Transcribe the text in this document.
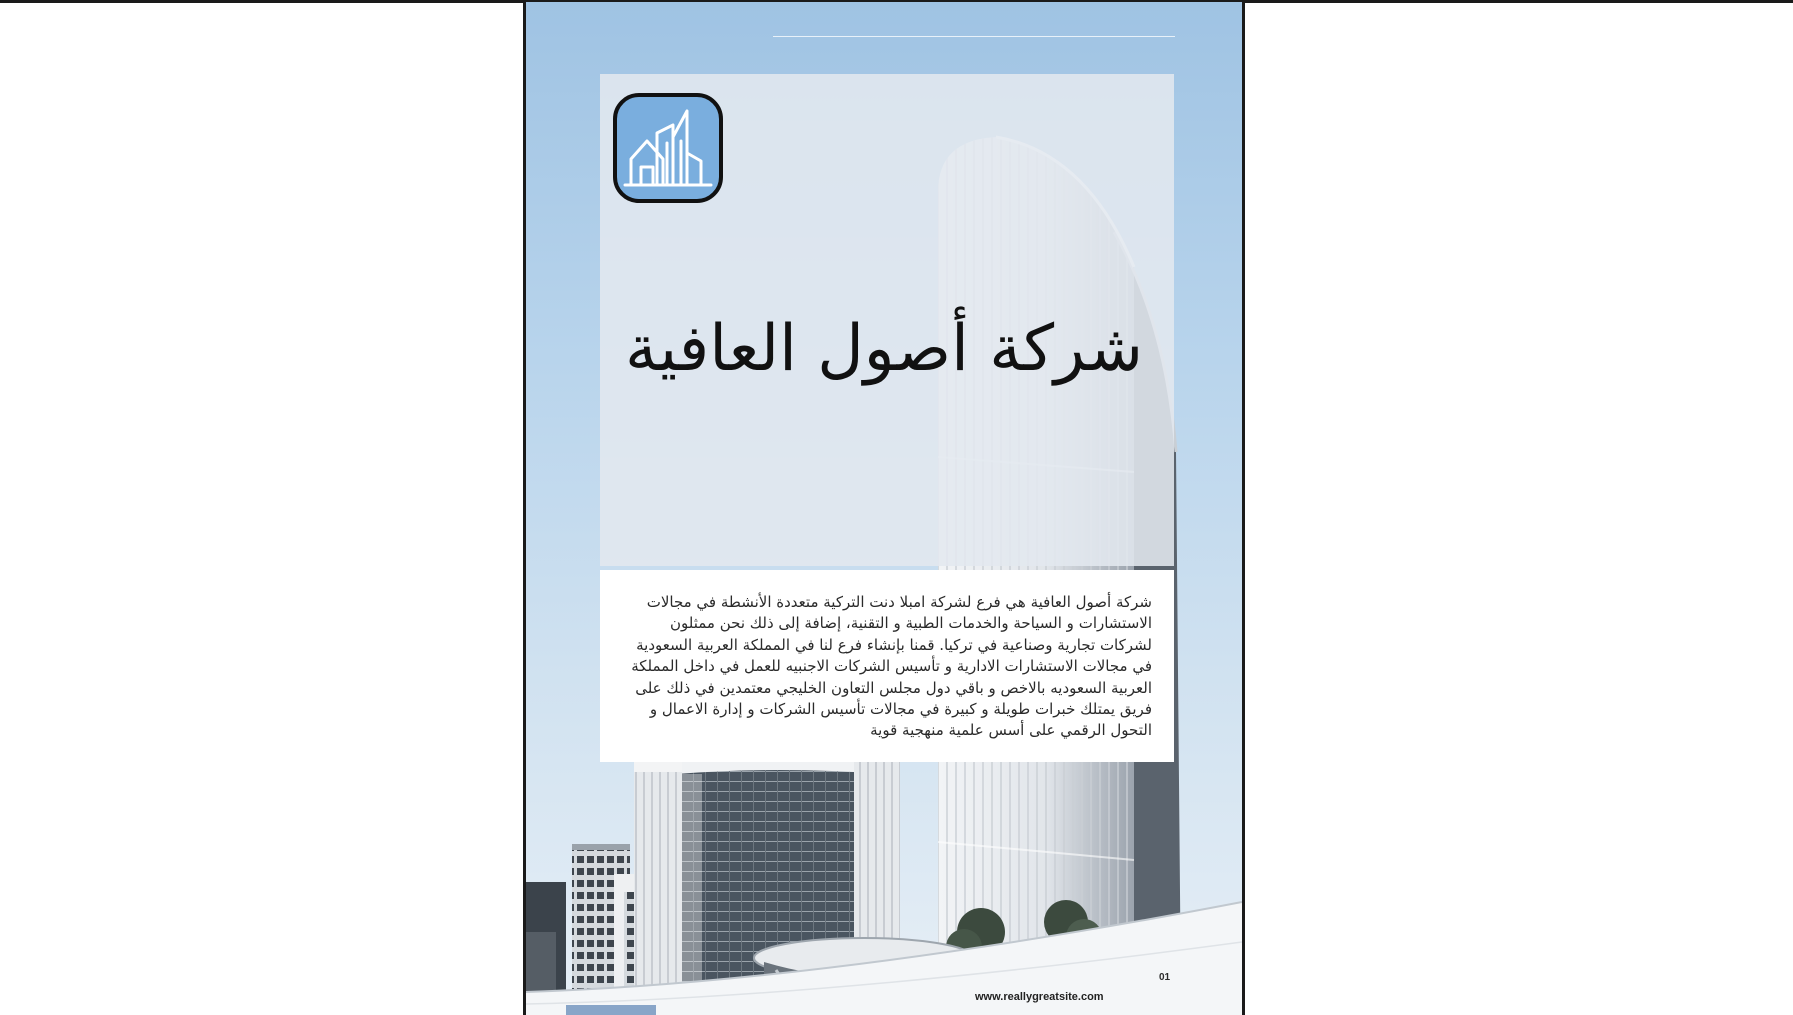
شركة أصول العافية

شركة أصول العافية هي فرع لشركة امبلا دنت التركية متعددة الأنشطة في مجالات الاستشارات و السياحة والخدمات الطبية و التقنية، إضافة إلى ذلك نحن ممثلون لشركات تجارية وصناعية في تركيا. قمنا بإنشاء فرع لنا في المملكة العربية السعودية في مجالات الاستشارات الادارية و تأسيس الشركات الاجنبيه للعمل في داخل المملكة العربية السعوديه بالاخص و باقي دول مجلس التعاون الخليجي معتمدين في ذلك على فريق يمتلك خبرات طويلة و كبيرة في مجالات تأسيس الشركات و إدارة الاعمال و التحول الرقمي على أسس علمية منهجية قوية

01
www.reallygreatsite.com
